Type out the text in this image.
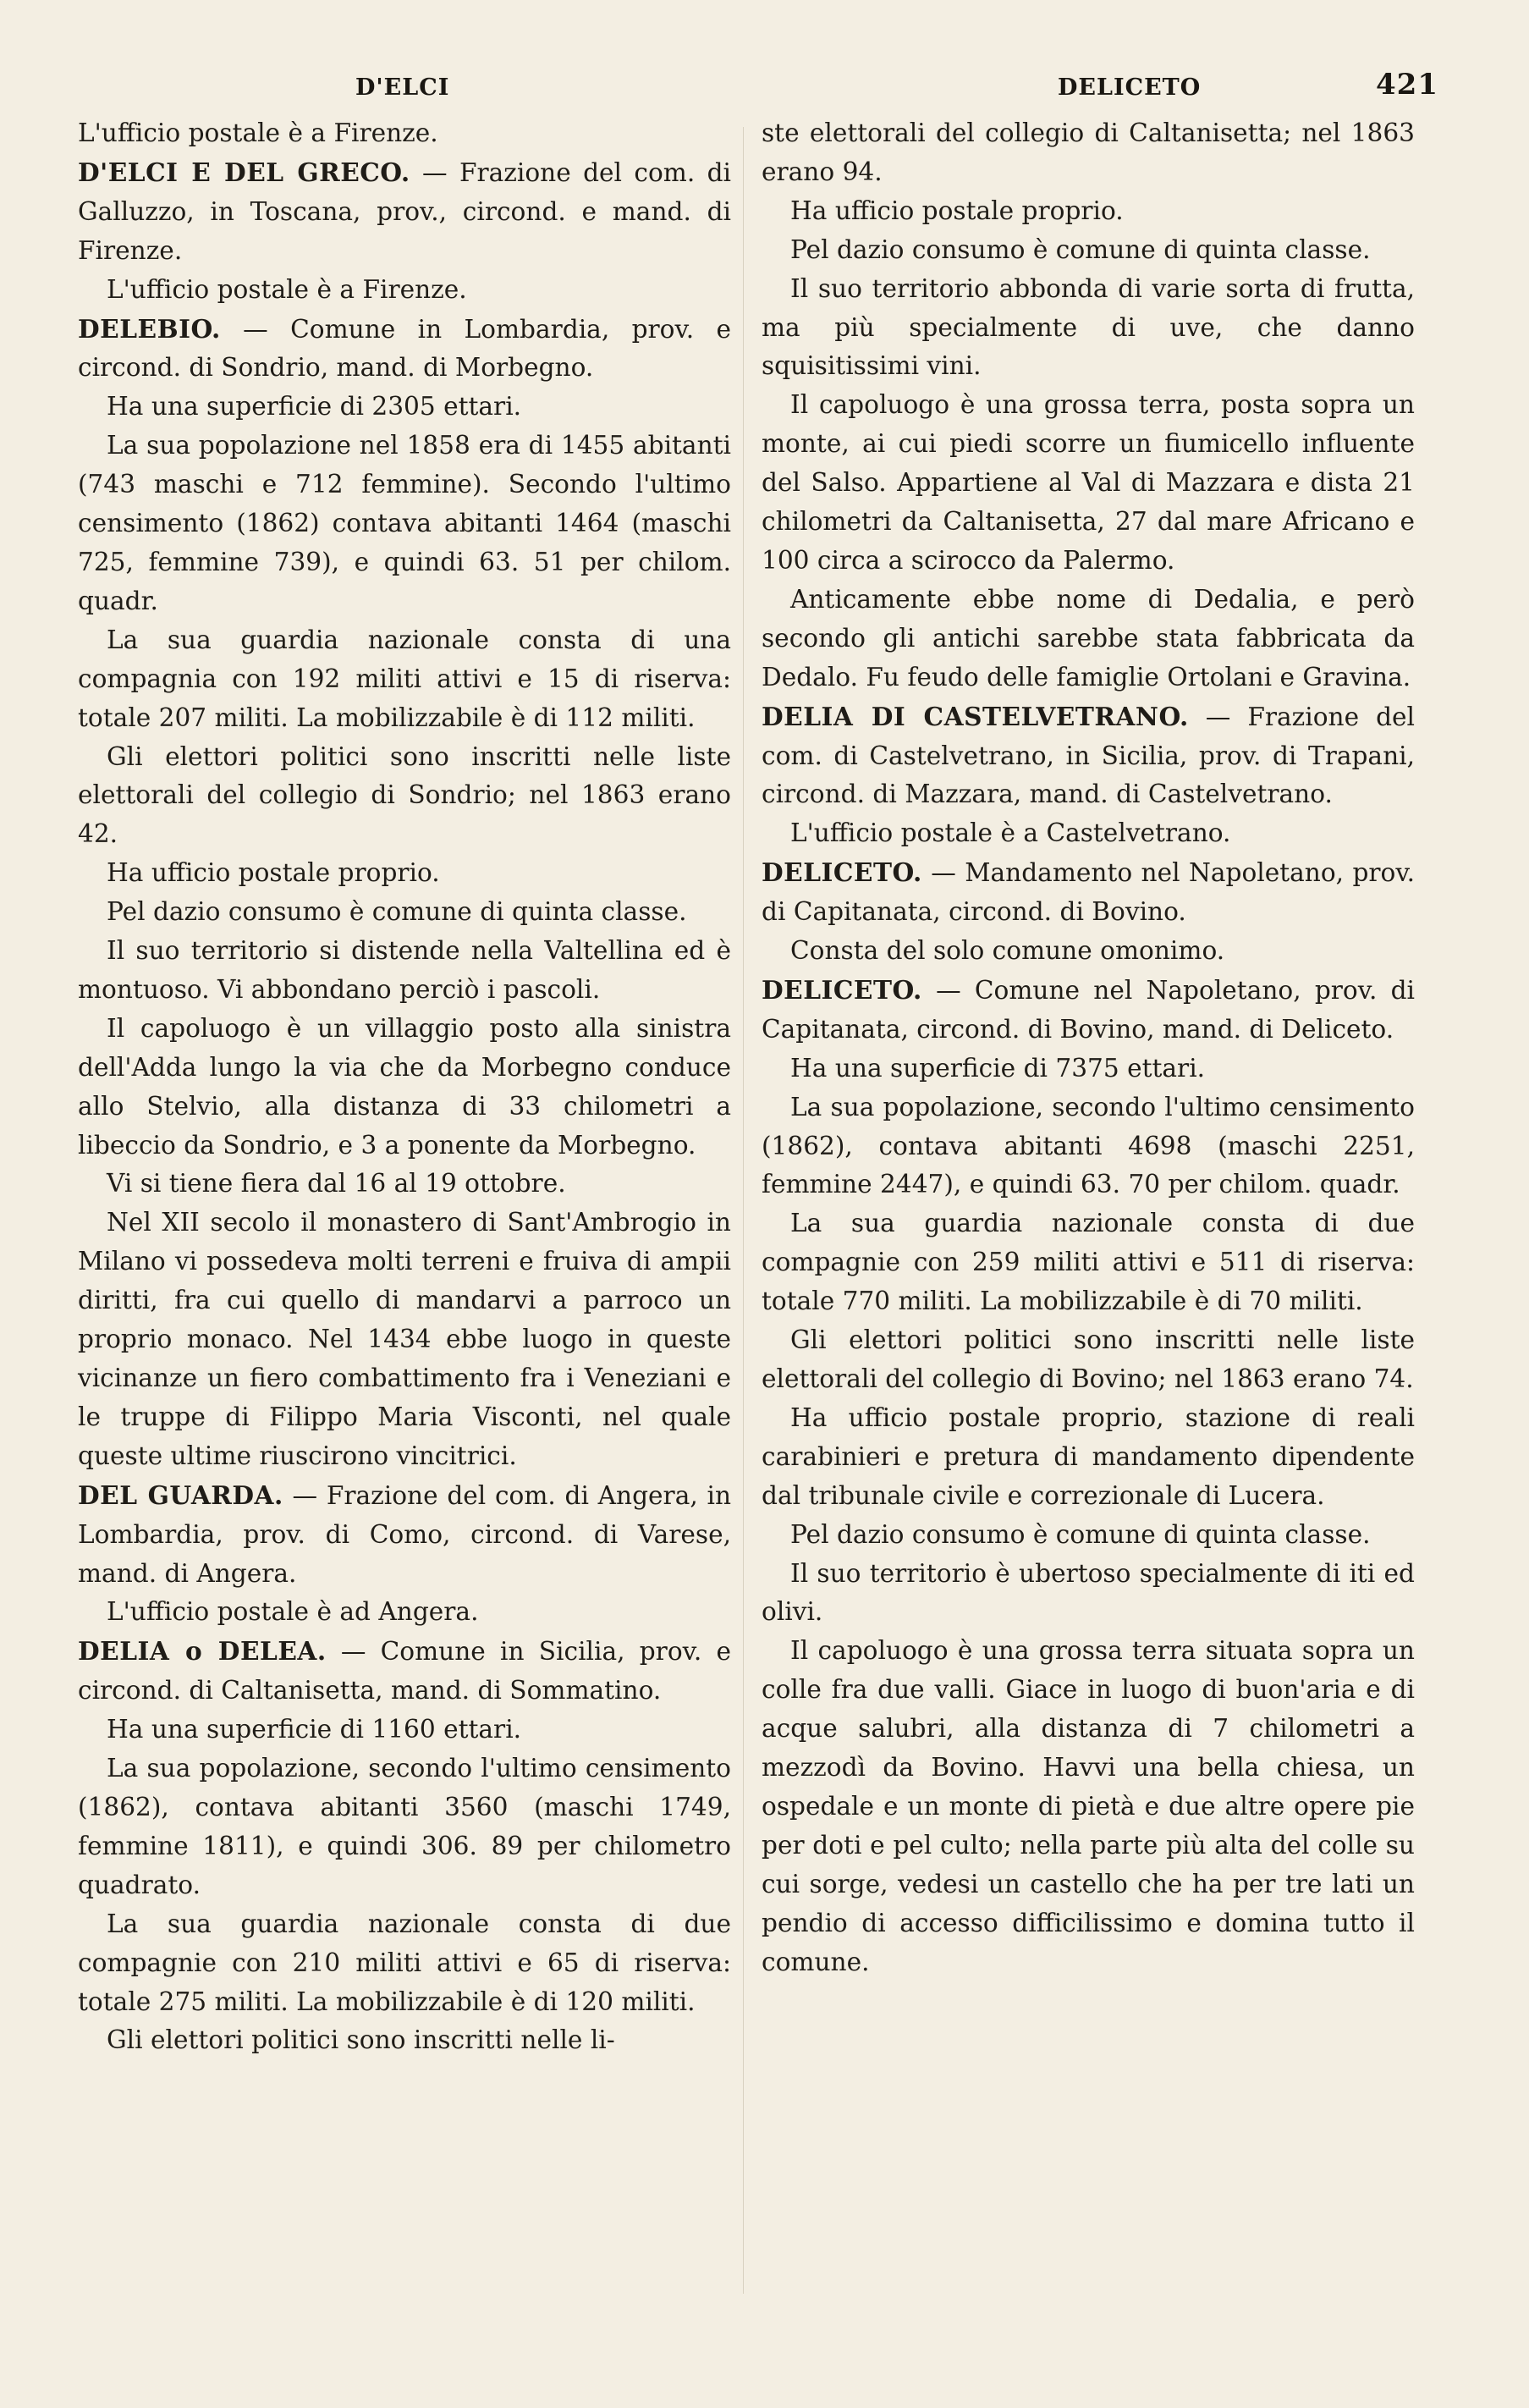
D'ELCI	DELICETO	421

L'ufficio postale è a Firenze.

D'ELCI E DEL GRECO. — Frazione del com. di Galluzzo, in Toscana, prov., circond. e mand. di Firenze.

L'ufficio postale è a Firenze.

DELEBIO. — Comune in Lombardia, prov. e circond. di Sondrio, mand. di Morbegno.

Ha una superficie di 2305 ettari.

La sua popolazione nel 1858 era di 1455 abitanti (743 maschi e 712 femmine). Secondo l'ultimo censimento (1862) contava abitanti 1464 (maschi 725, femmine 739), e quindi 63. 51 per chilom. quadr.

La sua guardia nazionale consta di una compagnia con 192 militi attivi e 15 di riserva: totale 207 militi. La mobilizzabile è di 112 militi.

Gli elettori politici sono inscritti nelle liste elettorali del collegio di Sondrio; nel 1863 erano 42.

Ha ufficio postale proprio.

Pel dazio consumo è comune di quinta classe.

Il suo territorio si distende nella Valtellina ed è montuoso. Vi abbondano perciò i pascoli.

Il capoluogo è un villaggio posto alla sinistra dell'Adda lungo la via che da Morbegno conduce allo Stelvio, alla distanza di 33 chilometri a libeccio da Sondrio, e 3 a ponente da Morbegno.

Vi si tiene fiera dal 16 al 19 ottobre.

Nel XII secolo il monastero di Sant'Ambrogio in Milano vi possedeva molti terreni e fruiva di ampii diritti, fra cui quello di mandarvi a parroco un proprio monaco. Nel 1434 ebbe luogo in queste vicinanze un fiero combattimento fra i Veneziani e le truppe di Filippo Maria Visconti, nel quale queste ultime riuscirono vincitrici.

DEL GUARDA. — Frazione del com. di Angera, in Lombardia, prov. di Como, circond. di Varese, mand. di Angera.

L'ufficio postale è ad Angera.

DELIA o DELEA. — Comune in Sicilia, prov. e circond. di Caltanisetta, mand. di Sommatino.

Ha una superficie di 1160 ettari.

La sua popolazione, secondo l'ultimo censimento (1862), contava abitanti 3560 (maschi 1749, femmine 1811), e quindi 306. 89 per chilometro quadrato.

La sua guardia nazionale consta di due compagnie con 210 militi attivi e 65 di riserva: totale 275 militi. La mobilizzabile è di 120 militi.

Gli elettori politici sono inscritti nelle li-

ste elettorali del collegio di Caltanisetta; nel 1863 erano 94.

Ha ufficio postale proprio.

Pel dazio consumo è comune di quinta classe.

Il suo territorio abbonda di varie sorta di frutta, ma più specialmente di uve, che danno squisitissimi vini.

Il capoluogo è una grossa terra, posta sopra un monte, ai cui piedi scorre un fiumicello influente del Salso. Appartiene al Val di Mazzara e dista 21 chilometri da Caltanisetta, 27 dal mare Africano e 100 circa a scirocco da Palermo.

Anticamente ebbe nome di Dedalia, e però secondo gli antichi sarebbe stata fabbricata da Dedalo. Fu feudo delle famiglie Ortolani e Gravina.

DELIA DI CASTELVETRANO. — Frazione del com. di Castelvetrano, in Sicilia, prov. di Trapani, circond. di Mazzara, mand. di Castelvetrano.

L'ufficio postale è a Castelvetrano.

DELICETO. — Mandamento nel Napoletano, prov. di Capitanata, circond. di Bovino.

Consta del solo comune omonimo.

DELICETO. — Comune nel Napoletano, prov. di Capitanata, circond. di Bovino, mand. di Deliceto.

Ha una superficie di 7375 ettari.

La sua popolazione, secondo l'ultimo censimento (1862), contava abitanti 4698 (maschi 2251, femmine 2447), e quindi 63. 70 per chilom. quadr.

La sua guardia nazionale consta di due compagnie con 259 militi attivi e 511 di riserva: totale 770 militi. La mobilizzabile è di 70 militi.

Gli elettori politici sono inscritti nelle liste elettorali del collegio di Bovino; nel 1863 erano 74.

Ha ufficio postale proprio, stazione di reali carabinieri e pretura di mandamento dipendente dal tribunale civile e correzionale di Lucera.

Pel dazio consumo è comune di quinta classe.

Il suo territorio è ubertoso specialmente di iti ed olivi.

Il capoluogo è una grossa terra situata sopra un colle fra due valli. Giace in luogo di buon'aria e di acque salubri, alla distanza di 7 chilometri a mezzodì da Bovino. Havvi una bella chiesa, un ospedale e un monte di pietà e due altre opere pie per doti e pel culto; nella parte più alta del colle su cui sorge, vedesi un castello che ha per tre lati un pendio di accesso difficilissimo e domina tutto il comune.
